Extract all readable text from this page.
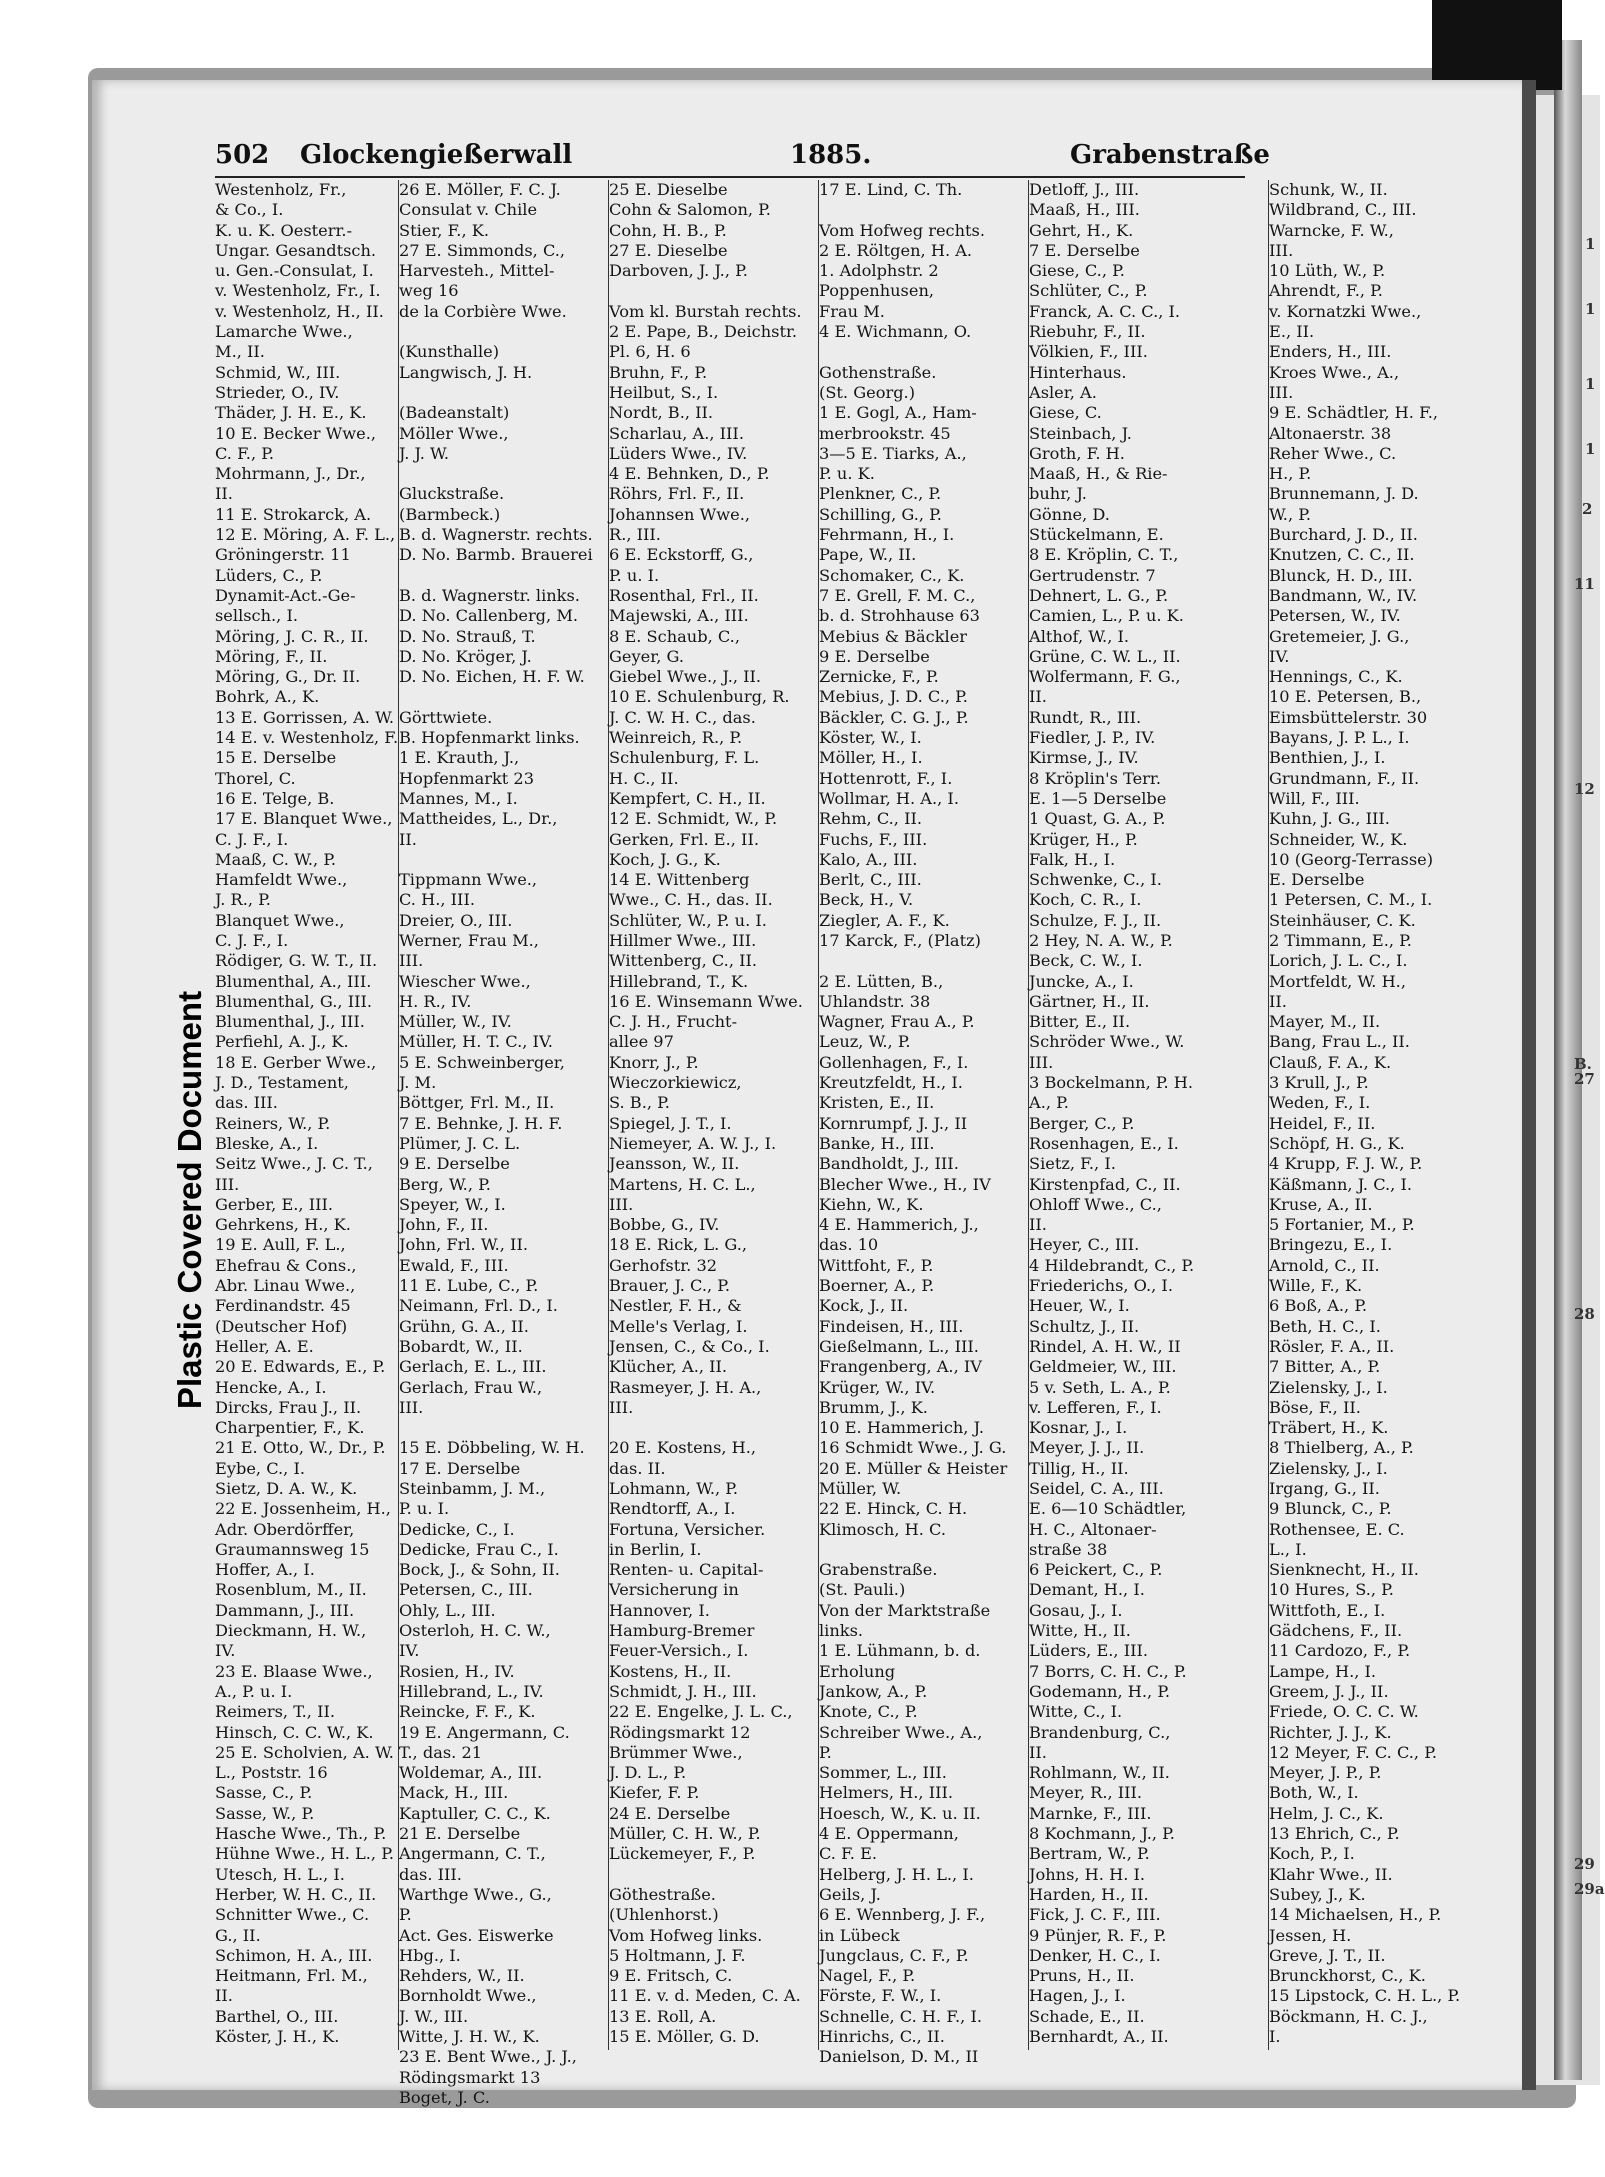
Plastic Covered Document
502 Glockengießerwall	1885.	Grabenstraße
Westenholz, Fr.,
& Co., I.
K. u. K. Oesterr.-
Ungar. Gesandtsch.
u. Gen.-Consulat, I.
v. Westenholz, Fr., I.
v. Westenholz, H., II.
Lamarche Wwe.,
M., II.
Schmid, W., III.
Strieder, O., IV.
Thäder, J. H. E., K.
10 E. Becker Wwe.,
C. F., P.
Mohrmann, J., Dr.,
II.
11 E. Strokarck, A.
12 E. Möring, A. F. L.,
Gröningerstr. 11
Lüders, C., P.
Dynamit-Act.-Ge-
sellsch., I.
Möring, J. C. R., II.
Möring, F., II.
Möring, G., Dr. II.
Bohrk, A., K.
13 E. Gorrissen, A. W.
14 E. v. Westenholz, F.
15 E. Derselbe
Thorel, C.
16 E. Telge, B.
17 E. Blanquet Wwe.,
C. J. F., I.
Maaß, C. W., P.
Hamfeldt Wwe.,
J. R., P.
Blanquet Wwe.,
C. J. F., I.
Rödiger, G. W. T., II.
Blumenthal, A., III.
Blumenthal, G., III.
Blumenthal, J., III.
Perfiehl, A. J., K.
18 E. Gerber Wwe.,
J. D., Testament,
das. III.
Reiners, W., P.
Bleske, A., I.
Seitz Wwe., J. C. T.,
III.
Gerber, E., III.
Gehrkens, H., K.
19 E. Aull, F. L.,
Ehefrau & Cons.,
Abr. Linau Wwe.,
Ferdinandstr. 45
(Deutscher Hof)
Heller, A. E.
20 E. Edwards, E., P.
Hencke, A., I.
Dircks, Frau J., II.
Charpentier, F., K.
21 E. Otto, W., Dr., P.
Eybe, C., I.
Sietz, D. A. W., K.
22 E. Jossenheim, H.,
Adr. Oberdörffer,
Graumannsweg 15
Hoffer, A., I.
Rosenblum, M., II.
Dammann, J., III.
Dieckmann, H. W.,
IV.
23 E. Blaase Wwe.,
A., P. u. I.
Reimers, T., II.
Hinsch, C. C. W., K.
25 E. Scholvien, A. W.
L., Poststr. 16
Sasse, C., P.
Sasse, W., P.
Hasche Wwe., Th., P.
Hühne Wwe., H. L., P.
Utesch, H. L., I.
Herber, W. H. C., II.
Schnitter Wwe., C.
G., II.
Schimon, H. A., III.
Heitmann, Frl. M.,
II.
Barthel, O., III.
Köster, J. H., K.
26 E. Möller, F. C. J.
Consulat v. Chile
Stier, F., K.
27 E. Simmonds, C.,
Harvesteh., Mittel-
weg 16
de la Corbière Wwe.
(Kunsthalle)
Langwisch, J. H.
(Badeanstalt)
Möller Wwe.,
J. J. W.
Gluckstraße.
(Barmbeck.)
B. d. Wagnerstr. rechts.
D. No. Barmb. Brauerei
B. d. Wagnerstr. links.
D. No. Callenberg, M.
D. No. Strauß, T.
D. No. Kröger, J.
D. No. Eichen, H. F. W.
Görttwiete.
B. Hopfenmarkt links.
1 E. Krauth, J.,
Hopfenmarkt 23
Mannes, M., I.
Mattheides, L., Dr.,
II.
Tippmann Wwe.,
C. H., III.
Dreier, O., III.
Werner, Frau M.,
III.
Wiescher Wwe.,
H. R., IV.
Müller, W., IV.
Müller, H. T. C., IV.
5 E. Schweinberger,
J. M.
Böttger, Frl. M., II.
7 E. Behnke, J. H. F.
Plümer, J. C. L.
9 E. Derselbe
Berg, W., P.
Speyer, W., I.
John, F., II.
John, Frl. W., II.
Ewald, F., III.
11 E. Lube, C., P.
Neimann, Frl. D., I.
Grühn, G. A., II.
Bobardt, W., II.
Gerlach, E. L., III.
Gerlach, Frau W.,
III.
15 E. Döbbeling, W. H.
17 E. Derselbe
Steinbamm, J. M.,
P. u. I.
Dedicke, C., I.
Dedicke, Frau C., I.
Bock, J., & Sohn, II.
Petersen, C., III.
Ohly, L., III.
Osterloh, H. C. W.,
IV.
Rosien, H., IV.
Hillebrand, L., IV.
Reincke, F. F., K.
19 E. Angermann, C.
T., das. 21
Woldemar, A., III.
Mack, H., III.
Kaptuller, C. C., K.
21 E. Derselbe
Angermann, C. T.,
das. III.
Warthge Wwe., G.,
P.
Act. Ges. Eiswerke
Hbg., I.
Rehders, W., II.
Bornholdt Wwe.,
J. W., III.
Witte, J. H. W., K.
23 E. Bent Wwe., J. J.,
Rödingsmarkt 13
Boget, J. C.
25 E. Dieselbe
Cohn & Salomon, P.
Cohn, H. B., P.
27 E. Dieselbe
Darboven, J. J., P.
Vom kl. Burstah rechts.
2 E. Pape, B., Deichstr.
Pl. 6, H. 6
Bruhn, F., P.
Heilbut, S., I.
Nordt, B., II.
Scharlau, A., III.
Lüders Wwe., IV.
4 E. Behnken, D., P.
Röhrs, Frl. F., II.
Johannsen Wwe.,
R., III.
6 E. Eckstorff, G.,
P. u. I.
Rosenthal, Frl., II.
Majewski, A., III.
8 E. Schaub, C.,
Geyer, G.
Giebel Wwe., J., II.
10 E. Schulenburg, R.
J. C. W. H. C., das.
Weinreich, R., P.
Schulenburg, F. L.
H. C., II.
Kempfert, C. H., II.
12 E. Schmidt, W., P.
Gerken, Frl. E., II.
Koch, J. G., K.
14 E. Wittenberg
Wwe., C. H., das. II.
Schlüter, W., P. u. I.
Hillmer Wwe., III.
Wittenberg, C., II.
Hillebrand, T., K.
16 E. Winsemann Wwe.
C. J. H., Frucht-
allee 97
Knorr, J., P.
Wieczorkiewicz,
S. B., P.
Spiegel, J. T., I.
Niemeyer, A. W. J., I.
Jeansson, W., II.
Martens, H. C. L.,
III.
Bobbe, G., IV.
18 E. Rick, L. G.,
Gerhofstr. 32
Brauer, J. C., P.
Nestler, F. H., &
Melle's Verlag, I.
Jensen, C., & Co., I.
Klücher, A., II.
Rasmeyer, J. H. A.,
III.
20 E. Kostens, H.,
das. II.
Lohmann, W., P.
Rendtorff, A., I.
Fortuna, Versicher.
in Berlin, I.
Renten- u. Capital-
Versicherung in
Hannover, I.
Hamburg-Bremer
Feuer-Versich., I.
Kostens, H., II.
Schmidt, J. H., III.
22 E. Engelke, J. L. C.,
Rödingsmarkt 12
Brümmer Wwe.,
J. D. L., P.
Kiefer, F. P.
24 E. Derselbe
Müller, C. H. W., P.
Lückemeyer, F., P.
Göthestraße.
(Uhlenhorst.)
Vom Hofweg links.
5 Holtmann, J. F.
9 E. Fritsch, C.
11 E. v. d. Meden, C. A.
13 E. Roll, A.
15 E. Möller, G. D.
17 E. Lind, C. Th.
Vom Hofweg rechts.
2 E. Röltgen, H. A.
1. Adolphstr. 2
Poppenhusen,
Frau M.
4 E. Wichmann, O.
Gothenstraße.
(St. Georg.)
1 E. Gogl, A., Ham-
merbrookstr. 45
3—5 E. Tiarks, A.,
P. u. K.
Plenkner, C., P.
Schilling, G., P.
Fehrmann, H., I.
Pape, W., II.
Schomaker, C., K.
7 E. Grell, F. M. C.,
b. d. Strohhause 63
Mebius & Bäckler
9 E. Derselbe
Zernicke, F., P.
Mebius, J. D. C., P.
Bäckler, C. G. J., P.
Köster, W., I.
Möller, H., I.
Hottenrott, F., I.
Wollmar, H. A., I.
Rehm, C., II.
Fuchs, F., III.
Kalo, A., III.
Berlt, C., III.
Beck, H., V.
Ziegler, A. F., K.
17 Karck, F., (Platz)
2 E. Lütten, B.,
Uhlandstr. 38
Wagner, Frau A., P.
Leuz, W., P.
Gollenhagen, F., I.
Kreutzfeldt, H., I.
Kristen, E., II.
Kornrumpf, J. J., II
Banke, H., III.
Bandholdt, J., III.
Blecher Wwe., H., IV
Kiehn, W., K.
4 E. Hammerich, J.,
das. 10
Wittfoht, F., P.
Boerner, A., P.
Kock, J., II.
Findeisen, H., III.
Gießelmann, L., III.
Frangenberg, A., IV
Krüger, W., IV.
Brumm, J., K.
10 E. Hammerich, J.
16 Schmidt Wwe., J. G.
20 E. Müller & Heister
Müller, W.
22 E. Hinck, C. H.
Klimosch, H. C.
Grabenstraße.
(St. Pauli.)
Von der Marktstraße
links.
1 E. Lühmann, b. d.
Erholung
Jankow, A., P.
Knote, C., P.
Schreiber Wwe., A.,
P.
Sommer, L., III.
Helmers, H., III.
Hoesch, W., K. u. II.
4 E. Oppermann,
C. F. E.
Helberg, J. H. L., I.
Geils, J.
6 E. Wennberg, J. F.,
in Lübeck
Jungclaus, C. F., P.
Nagel, F., P.
Förste, F. W., I.
Schnelle, C. H. F., I.
Hinrichs, C., II.
Danielson, D. M., II
Detloff, J., III.
Maaß, H., III.
Gehrt, H., K.
7 E. Derselbe
Giese, C., P.
Schlüter, C., P.
Franck, A. C. C., I.
Riebuhr, F., II.
Völkien, F., III.
Hinterhaus.
Asler, A.
Giese, C.
Steinbach, J.
Groth, F. H.
Maaß, H., & Rie-
buhr, J.
Gönne, D.
Stückelmann, E.
8 E. Kröplin, C. T.,
Gertrudenstr. 7
Dehnert, L. G., P.
Camien, L., P. u. K.
Althof, W., I.
Grüne, C. W. L., II.
Wolfermann, F. G.,
II.
Rundt, R., III.
Fiedler, J. P., IV.
Kirmse, J., IV.
8 Kröplin's Terr.
E. 1—5 Derselbe
1 Quast, G. A., P.
Krüger, H., P.
Falk, H., I.
Schwenke, C., I.
Koch, C. R., I.
Schulze, F. J., II.
2 Hey, N. A. W., P.
Beck, C. W., I.
Juncke, A., I.
Gärtner, H., II.
Bitter, E., II.
Schröder Wwe., W.
III.
3 Bockelmann, P. H.
A., P.
Berger, C., P.
Rosenhagen, E., I.
Sietz, F., I.
Kirstenpfad, C., II.
Ohloff Wwe., C.,
II.
Heyer, C., III.
4 Hildebrandt, C., P.
Friederichs, O., I.
Heuer, W., I.
Schultz, J., II.
Rindel, A. H. W., II
Geldmeier, W., III.
5 v. Seth, L. A., P.
v. Lefferen, F., I.
Kosnar, J., I.
Meyer, J. J., II.
Tillig, H., II.
Seidel, C. A., III.
E. 6—10 Schädtler,
H. C., Altonaer-
straße 38
6 Peickert, C., P.
Demant, H., I.
Gosau, J., I.
Witte, H., II.
Lüders, E., III.
7 Borrs, C. H. C., P.
Godemann, H., P.
Witte, C., I.
Brandenburg, C.,
II.
Rohlmann, W., II.
Meyer, R., III.
Marnke, F., III.
8 Kochmann, J., P.
Bertram, W., P.
Johns, H. H. I.
Harden, H., II.
Fick, J. C. F., III.
9 Pünjer, R. F., P.
Denker, H. C., I.
Pruns, H., II.
Hagen, J., I.
Schade, E., II.
Bernhardt, A., II.
Schunk, W., II.
Wildbrand, C., III.
Warncke, F. W.,
III.
10 Lüth, W., P.
Ahrendt, F., P.
v. Kornatzki Wwe.,
E., II.
Enders, H., III.
Kroes Wwe., A.,
III.
9 E. Schädtler, H. F.,
Altonaerstr. 38
Reher Wwe., C.
H., P.
Brunnemann, J. D.
W., P.
Burchard, J. D., II.
Knutzen, C. C., II.
Blunck, H. D., III.
Bandmann, W., IV.
Petersen, W., IV.
Gretemeier, J. G.,
IV.
Hennings, C., K.
10 E. Petersen, B.,
Eimsbüttelerstr. 30
Bayans, J. P. L., I.
Benthien, J., I.
Grundmann, F., II.
Will, F., III.
Kuhn, J. G., III.
Schneider, W., K.
10 (Georg-Terrasse)
E. Derselbe
1 Petersen, C. M., I.
Steinhäuser, C. K.
2 Timmann, E., P.
Lorich, J. L. C., I.
Mortfeldt, W. H.,
II.
Mayer, M., II.
Bang, Frau L., II.
Clauß, F. A., K.
3 Krull, J., P.
Weden, F., I.
Heidel, F., II.
Schöpf, H. G., K.
4 Krupp, F. J. W., P.
Käßmann, J. C., I.
Kruse, A., II.
5 Fortanier, M., P.
Bringezu, E., I.
Arnold, C., II.
Wille, F., K.
6 Boß, A., P.
Beth, H. C., I.
Rösler, F. A., II.
7 Bitter, A., P.
Zielensky, J., I.
Böse, F., II.
Träbert, H., K.
8 Thielberg, A., P.
Zielensky, J., I.
Irgang, G., II.
9 Blunck, C., P.
Rothensee, E. C.
L., I.
Sienknecht, H., II.
10 Hures, S., P.
Wittfoth, E., I.
Gädchens, F., II.
11 Cardozo, F., P.
Lampe, H., I.
Greem, J. J., II.
Friede, O. C. C. W.
Richter, J. J., K.
12 Meyer, F. C. C., P.
Meyer, J. P., P.
Both, W., I.
Helm, J. C., K.
13 Ehrich, C., P.
Koch, P., I.
Klahr Wwe., II.
Subey, J., K.
14 Michaelsen, H., P.
Jessen, H.
Greve, J. T., II.
Brunckhorst, C., K.
15 Lipstock, C. H. L., P.
Böckmann, H. C. J.,
I.
1
1
1
1
2
11
12
B.
27
28
29
29a
